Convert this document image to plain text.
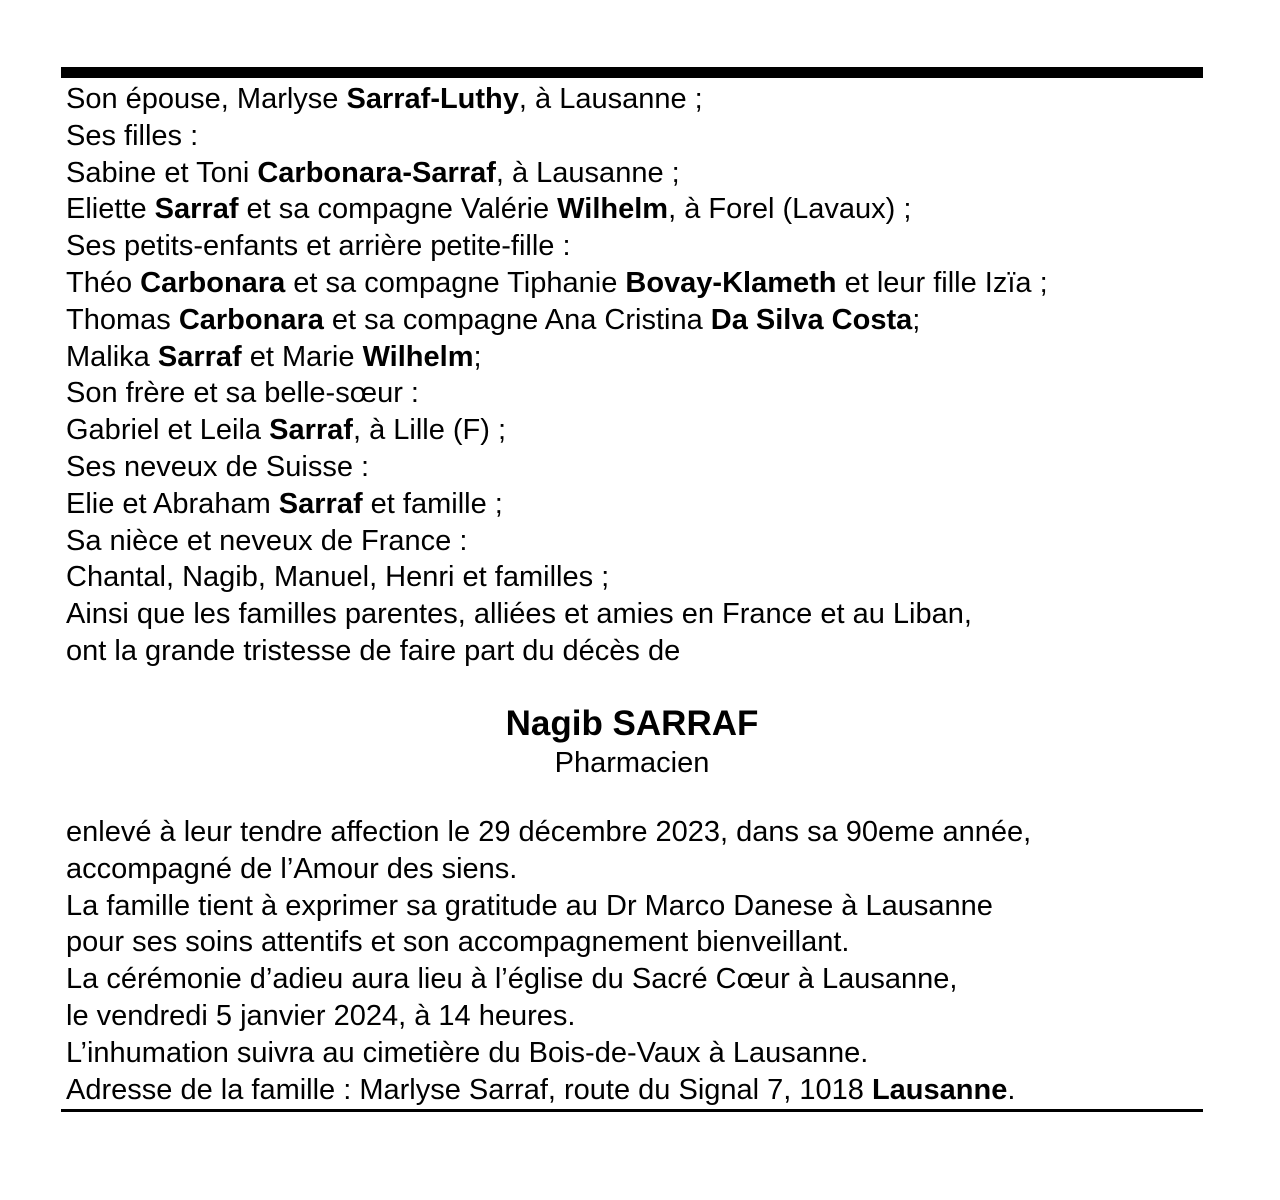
Son épouse, Marlyse Sarraf-Luthy, à Lausanne ;
Ses filles :
Sabine et Toni Carbonara-Sarraf, à Lausanne ;
Eliette Sarraf et sa compagne Valérie Wilhelm, à Forel (Lavaux) ;
Ses petits-enfants et arrière petite-fille :
Théo Carbonara et sa compagne Tiphanie Bovay-Klameth et leur fille Izïa ;
Thomas Carbonara et sa compagne Ana Cristina Da Silva Costa;
Malika Sarraf et Marie Wilhelm;
Son frère et sa belle-sœur :
Gabriel et Leila Sarraf, à Lille (F) ;
Ses neveux de Suisse :
Elie et Abraham Sarraf et famille ;
Sa nièce et neveux de France :
Chantal, Nagib, Manuel, Henri et familles ;
Ainsi que les familles parentes, alliées et amies en France et au Liban,
ont la grande tristesse de faire part du décès de
Nagib SARRAF
Pharmacien
enlevé à leur tendre affection le 29 décembre 2023, dans sa 90eme année,
accompagné de l’Amour des siens.
La famille tient à exprimer sa gratitude au Dr Marco Danese à Lausanne
pour ses soins attentifs et son accompagnement bienveillant.
La cérémonie d’adieu aura lieu à l’église du Sacré Cœur à Lausanne,
le vendredi 5 janvier 2024, à 14 heures.
L’inhumation suivra au cimetière du Bois-de-Vaux à Lausanne.
Adresse de la famille : Marlyse Sarraf, route du Signal 7, 1018 Lausanne.
